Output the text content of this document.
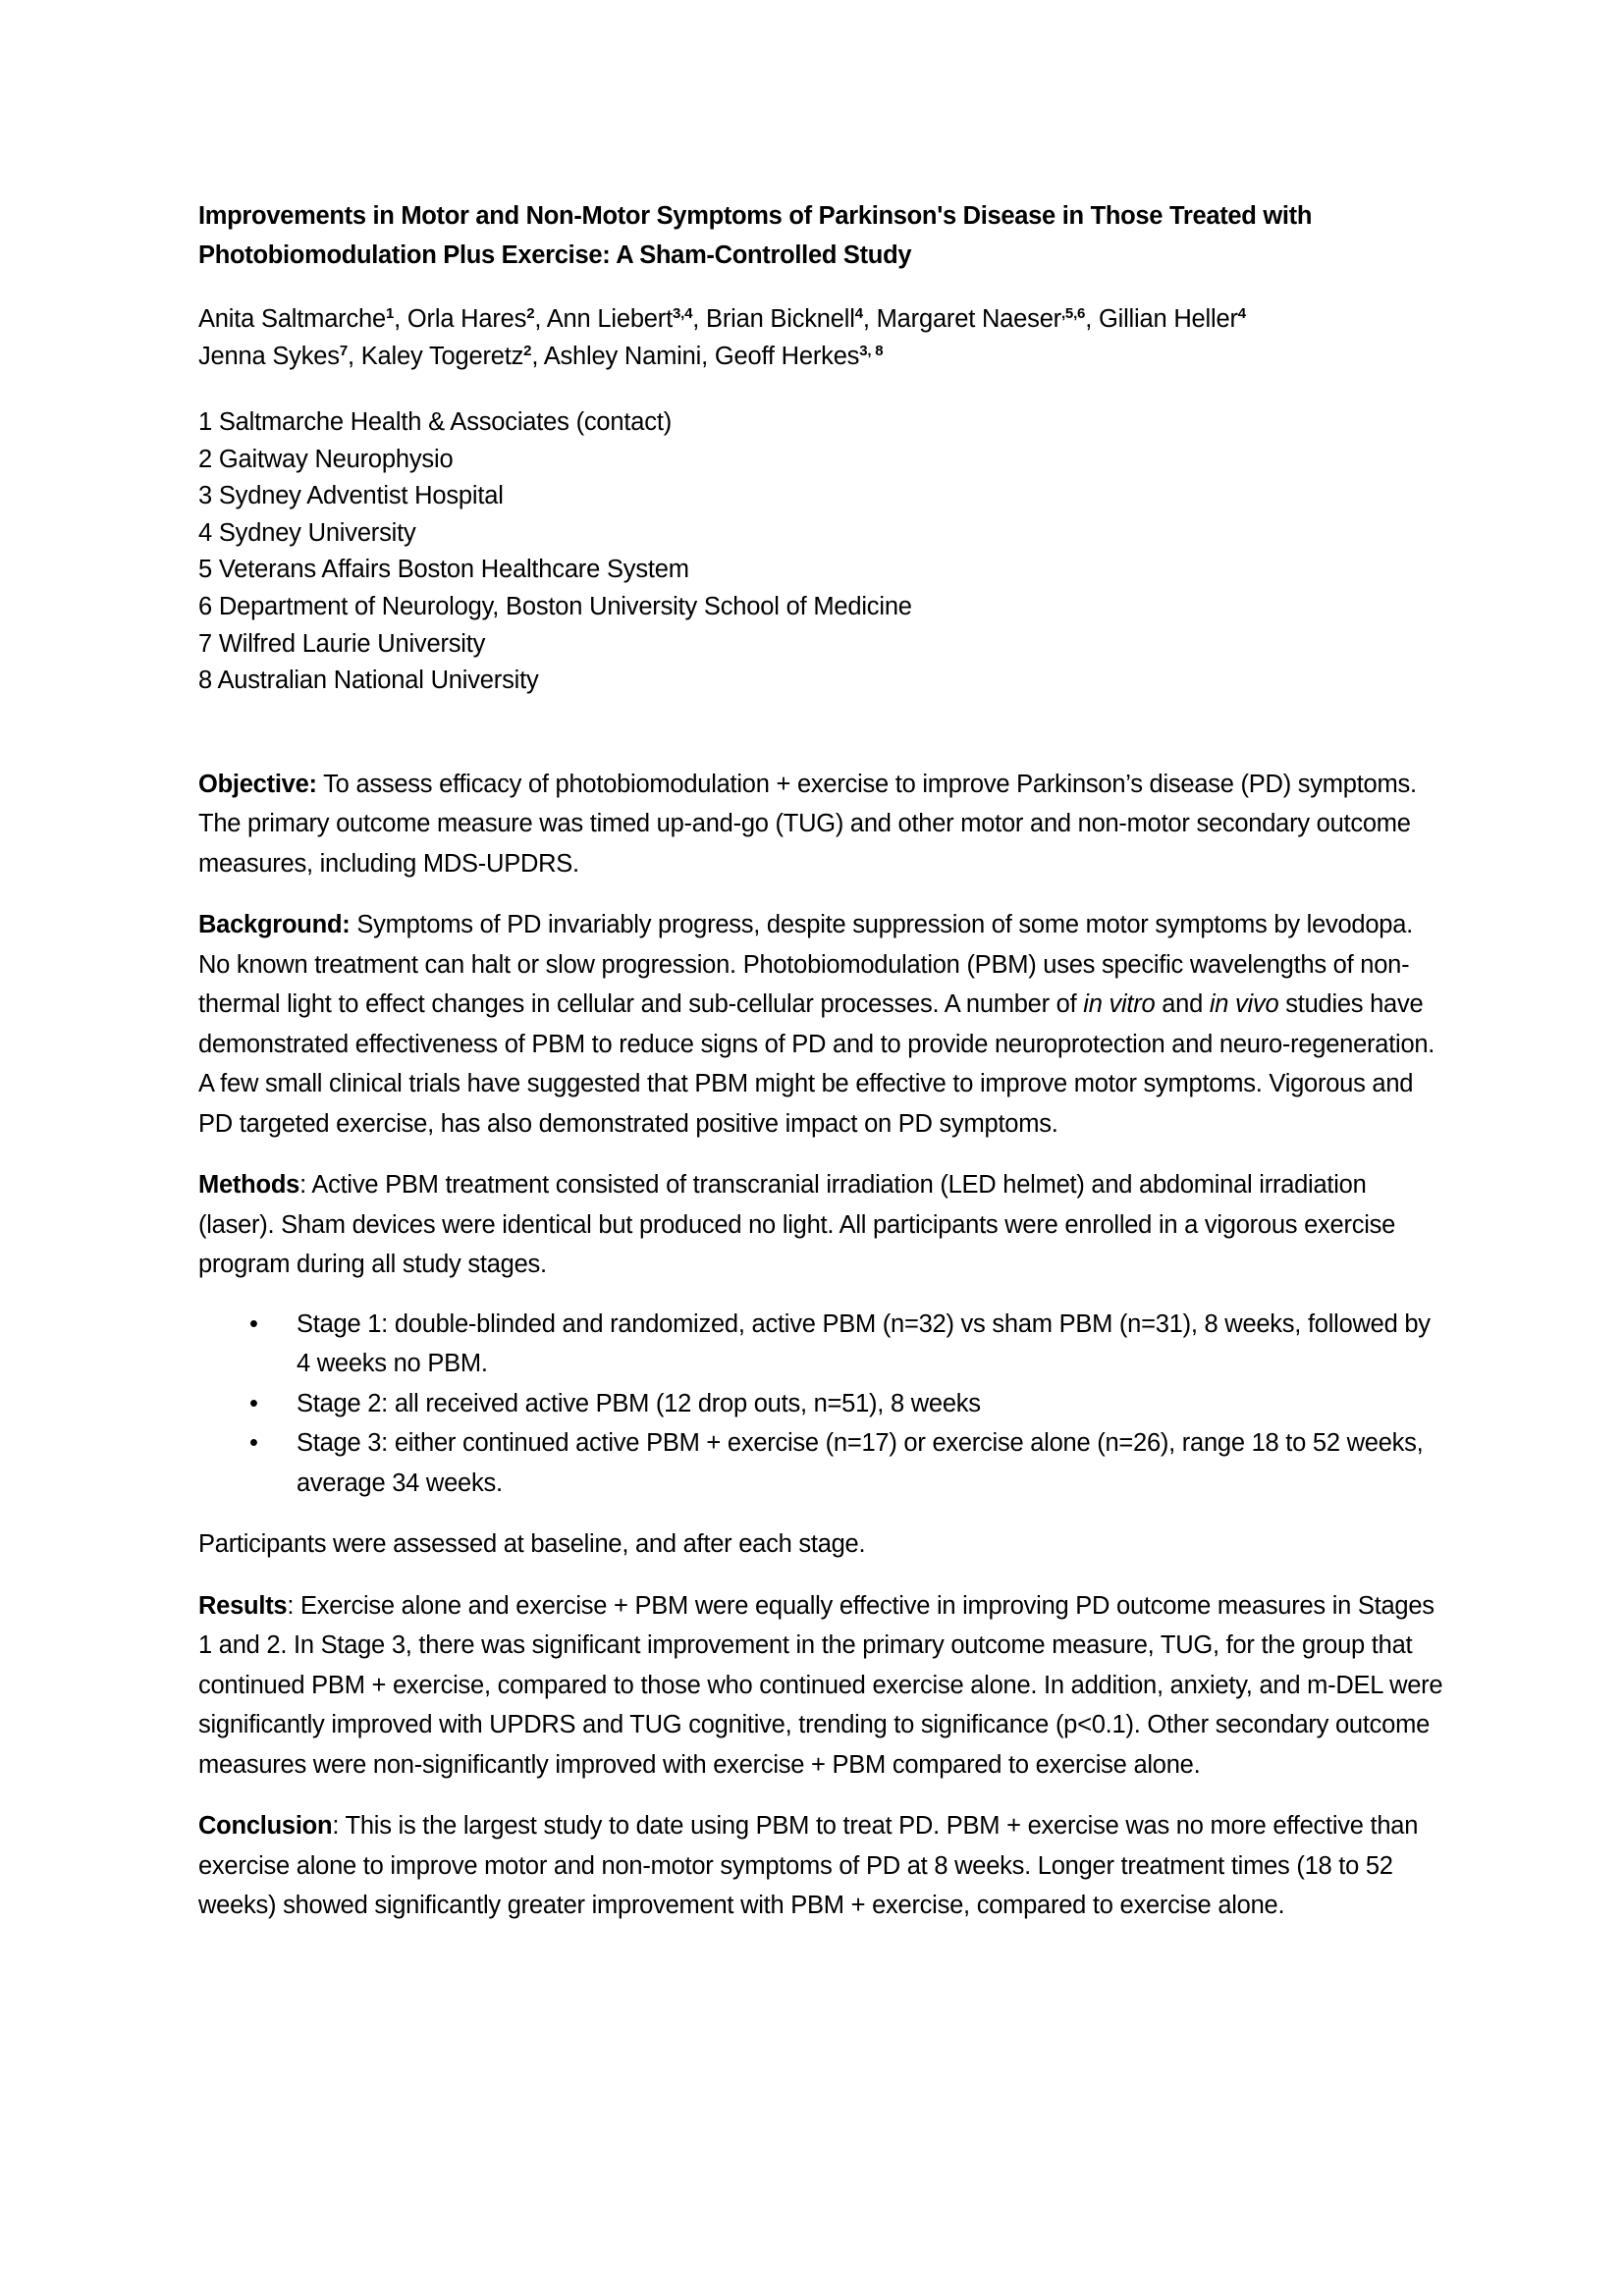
Improvements in Motor and Non-Motor Symptoms of Parkinson's Disease in Those Treated with
Photobiomodulation Plus Exercise: A Sham-Controlled Study
Anita Saltmarche$^1$, Orla Hares$^2$, Ann Liebert$^{3,4}$, Brian Bicknell$^4$, Margaret Naeser$^{,5,6}$, Gillian Heller$^4$
Jenna Sykes$^7$, Kaley Togeretz$^2$, Ashley Namini, Geoff Herkes$^{3, 8}$

1 Saltmarche Health & Associates (contact)

2 Gaitway Neurophysio

3 Sydney Adventist Hospital

4 Sydney University

5 Veterans Affairs Boston Healthcare System

6 Department of Neurology, Boston University School of Medicine

7 Wilfred Laurie University

8 Australian National University

Objective: To assess efficacy of photobiomodulation + exercise to improve Parkinson’s disease (PD) symptoms. The primary outcome measure was timed up-and-go (TUG) and other motor and non-motor secondary outcome measures, including MDS-UPDRS.

Background: Symptoms of PD invariably progress, despite suppression of some motor symptoms by levodopa. No known treatment can halt or slow progression. Photobiomodulation (PBM) uses specific wavelengths of non-thermal light to effect changes in cellular and sub-cellular processes. A number of in vitro and in vivo studies have demonstrated effectiveness of PBM to reduce signs of PD and to provide neuroprotection and neuro-regeneration. A few small clinical trials have suggested that PBM might be effective to improve motor symptoms. Vigorous and PD targeted exercise, has also demonstrated positive impact on PD symptoms.

Methods: Active PBM treatment consisted of transcranial irradiation (LED helmet) and abdominal irradiation (laser). Sham devices were identical but produced no light. All participants were enrolled in a vigorous exercise program during all study stages.

• Stage 1: double-blinded and randomized, active PBM (n=32) vs sham PBM (n=31), 8 weeks, followed by 4 weeks no PBM.
• Stage 2: all received active PBM (12 drop outs, n=51), 8 weeks
• Stage 3: either continued active PBM + exercise (n=17) or exercise alone (n=26), range 18 to 52 weeks, average 34 weeks.

Participants were assessed at baseline, and after each stage.

Results: Exercise alone and exercise + PBM were equally effective in improving PD outcome measures in Stages 1 and 2. In Stage 3, there was significant improvement in the primary outcome measure, TUG, for the group that continued PBM + exercise, compared to those who continued exercise alone. In addition, anxiety, and m-DEL were significantly improved with UPDRS and TUG cognitive, trending to significance (p<0.1). Other secondary outcome measures were non-significantly improved with exercise + PBM compared to exercise alone.

Conclusion: This is the largest study to date using PBM to treat PD. PBM + exercise was no more effective than exercise alone to improve motor and non-motor symptoms of PD at 8 weeks. Longer treatment times (18 to 52 weeks) showed significantly greater improvement with PBM + exercise, compared to exercise alone.
